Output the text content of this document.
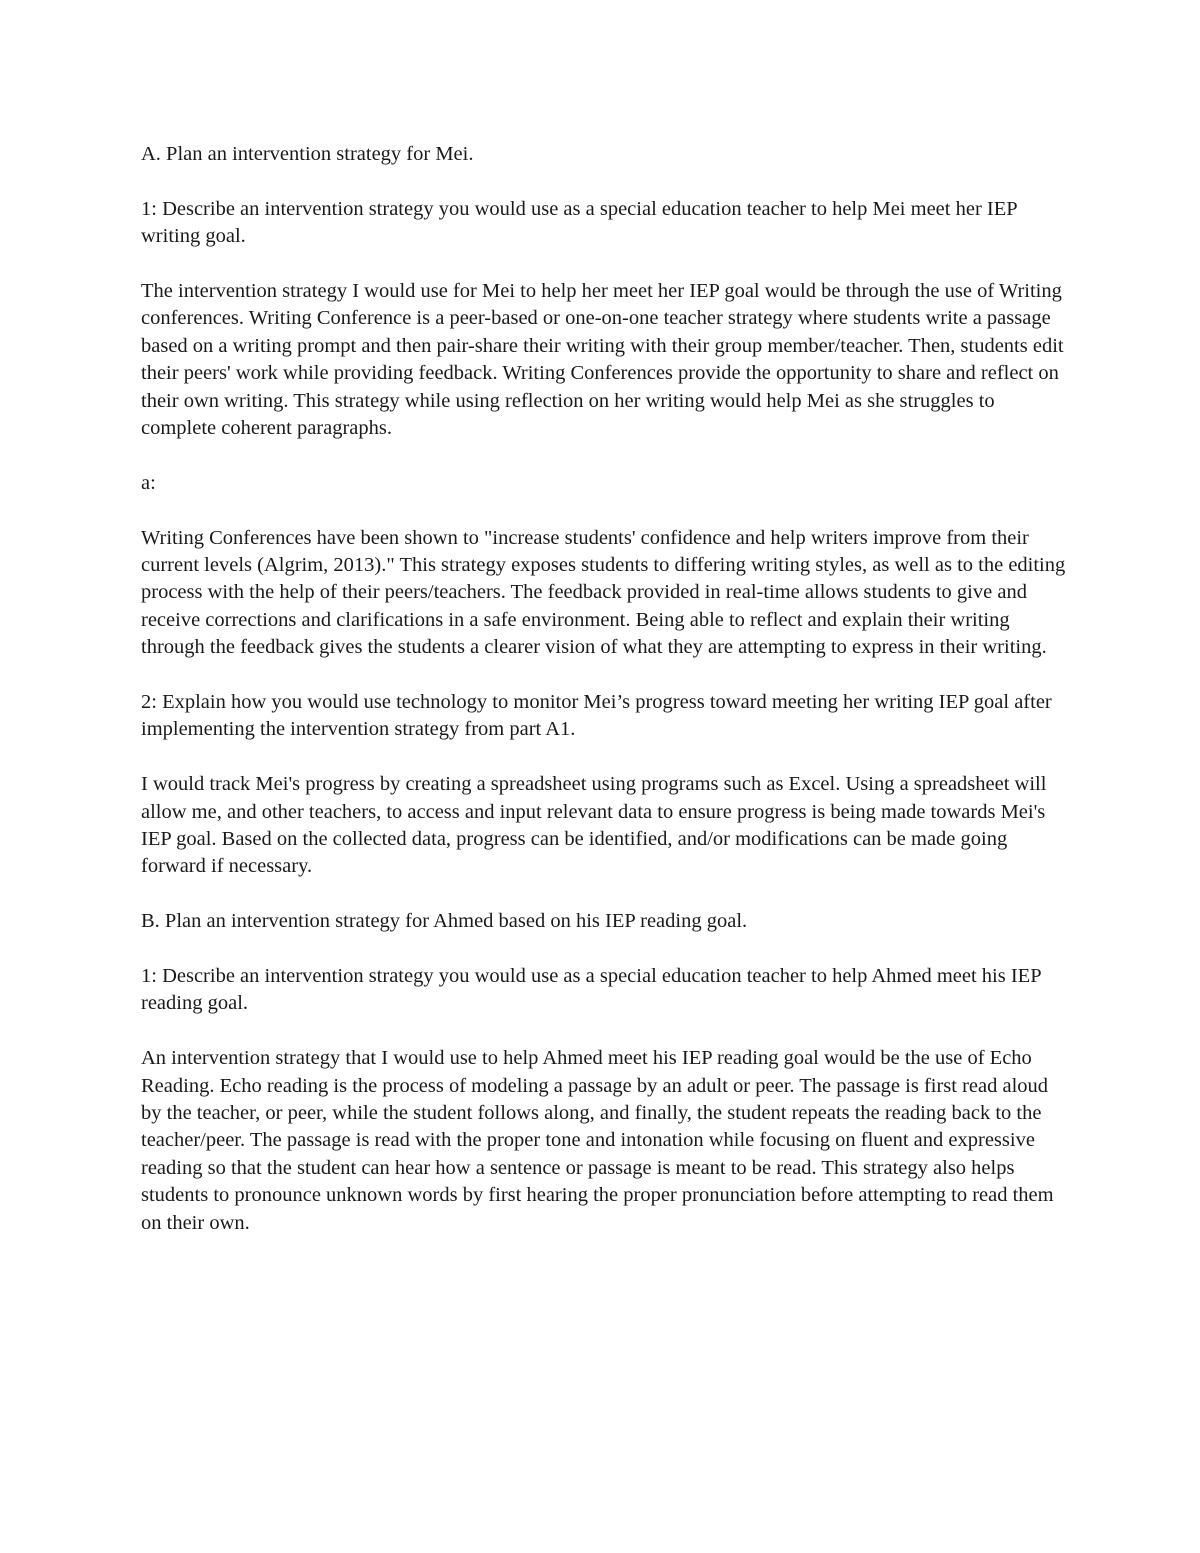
A. Plan an intervention strategy for Mei.

1: Describe an intervention strategy you would use as a special education teacher to help Mei meet her IEP writing goal.

The intervention strategy I would use for Mei to help her meet her IEP goal would be through the use of Writing conferences. Writing Conference is a peer-based or one-on-one teacher strategy where students write a passage based on a writing prompt and then pair-share their writing with their group member/teacher. Then, students edit their peers' work while providing feedback. Writing Conferences provide the opportunity to share and reflect on their own writing. This strategy while using reflection on her writing would help Mei as she struggles to complete coherent paragraphs.

a:

Writing Conferences have been shown to "increase students' confidence and help writers improve from their current levels (Algrim, 2013)." This strategy exposes students to differing writing styles, as well as to the editing process with the help of their peers/teachers. The feedback provided in real-time allows students to give and receive corrections and clarifications in a safe environment. Being able to reflect and explain their writing through the feedback gives the students a clearer vision of what they are attempting to express in their writing.

2: Explain how you would use technology to monitor Mei’s progress toward meeting her writing IEP goal after implementing the intervention strategy from part A1.

I would track Mei's progress by creating a spreadsheet using programs such as Excel. Using a spreadsheet will allow me, and other teachers, to access and input relevant data to ensure progress is being made towards Mei's IEP goal. Based on the collected data, progress can be identified, and/or modifications can be made going forward if necessary.

B. Plan an intervention strategy for Ahmed based on his IEP reading goal.

1: Describe an intervention strategy you would use as a special education teacher to help Ahmed meet his IEP reading goal.

An intervention strategy that I would use to help Ahmed meet his IEP reading goal would be the use of Echo Reading. Echo reading is the process of modeling a passage by an adult or peer. The passage is first read aloud by the teacher, or peer, while the student follows along, and finally, the student repeats the reading back to the teacher/peer. The passage is read with the proper tone and intonation while focusing on fluent and expressive reading so that the student can hear how a sentence or passage is meant to be read. This strategy also helps students to pronounce unknown words by first hearing the proper pronunciation before attempting to read them on their own.
